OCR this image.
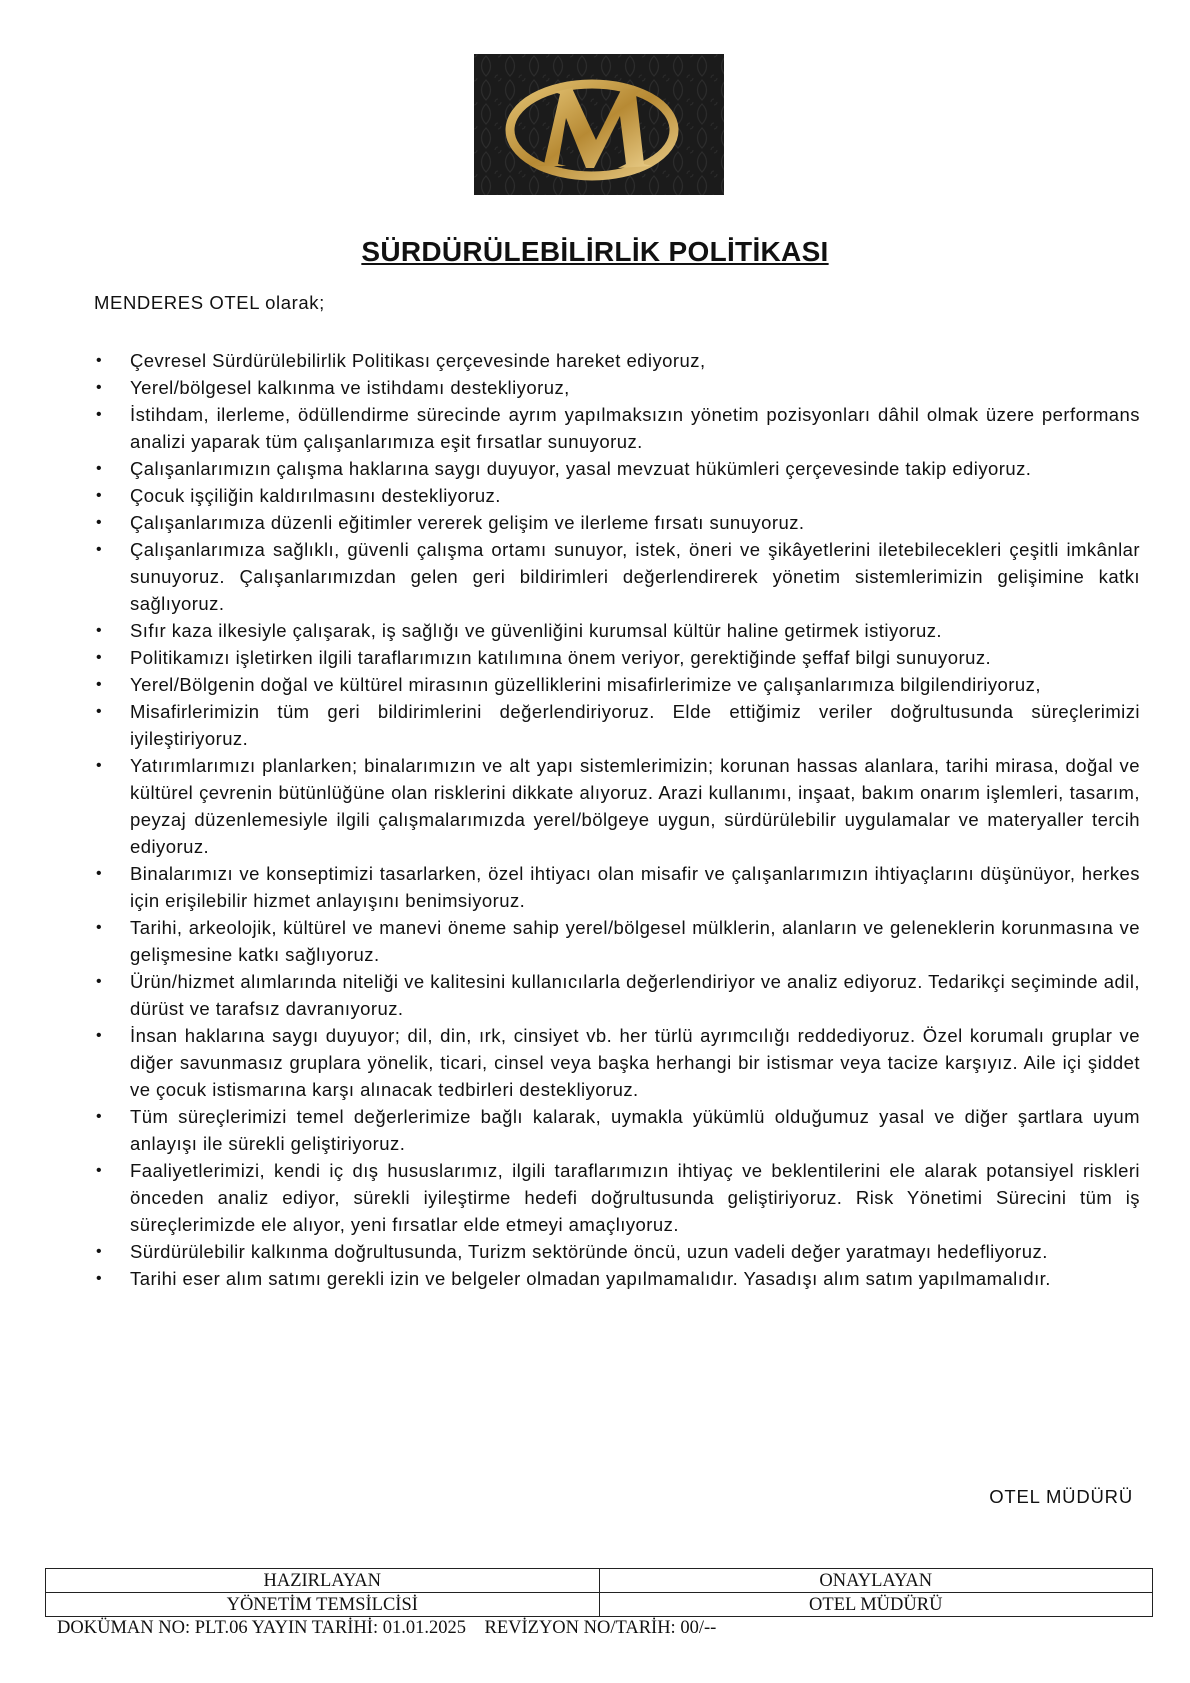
SÜRDÜRÜLEBİLİRLİK POLİTİKASI
MENDERES OTEL olarak;
• Çevresel Sürdürülebilirlik Politikası çerçevesinde hareket ediyoruz,
• Yerel/bölgesel kalkınma ve istihdamı destekliyoruz,
• İstihdam, ilerleme, ödüllendirme sürecinde ayrım yapılmaksızın yönetim pozisyonları dâhil olmak üzere performans analizi yaparak tüm çalışanlarımıza eşit fırsatlar sunuyoruz.
• Çalışanlarımızın çalışma haklarına saygı duyuyor, yasal mevzuat hükümleri çerçevesinde takip ediyoruz.
• Çocuk işçiliğin kaldırılmasını destekliyoruz.
• Çalışanlarımıza düzenli eğitimler vererek gelişim ve ilerleme fırsatı sunuyoruz.
• Çalışanlarımıza sağlıklı, güvenli çalışma ortamı sunuyor, istek, öneri ve şikâyetlerini iletebilecekleri çeşitli imkânlar sunuyoruz. Çalışanlarımızdan gelen geri bildirimleri değerlendirerek yönetim sistemlerimizin gelişimine katkı sağlıyoruz.
• Sıfır kaza ilkesiyle çalışarak, iş sağlığı ve güvenliğini kurumsal kültür haline getirmek istiyoruz.
• Politikamızı işletirken ilgili taraflarımızın katılımına önem veriyor, gerektiğinde şeffaf bilgi sunuyoruz.
• Yerel/Bölgenin doğal ve kültürel mirasının güzelliklerini misafirlerimize ve çalışanlarımıza bilgilendiriyoruz,
• Misafirlerimizin tüm geri bildirimlerini değerlendiriyoruz. Elde ettiğimiz veriler doğrultusunda süreçlerimizi iyileştiriyoruz.
• Yatırımlarımızı planlarken; binalarımızın ve alt yapı sistemlerimizin; korunan hassas alanlara, tarihi mirasa, doğal ve kültürel çevrenin bütünlüğüne olan risklerini dikkate alıyoruz. Arazi kullanımı, inşaat, bakım onarım işlemleri, tasarım, peyzaj düzenlemesiyle ilgili çalışmalarımızda yerel/bölgeye uygun, sürdürülebilir uygulamalar ve materyaller tercih ediyoruz.
• Binalarımızı ve konseptimizi tasarlarken, özel ihtiyacı olan misafir ve çalışanlarımızın ihtiyaçlarını düşünüyor, herkes için erişilebilir hizmet anlayışını benimsiyoruz.
• Tarihi, arkeolojik, kültürel ve manevi öneme sahip yerel/bölgesel mülklerin, alanların ve geleneklerin korunmasına ve gelişmesine katkı sağlıyoruz.
• Ürün/hizmet alımlarında niteliği ve kalitesini kullanıcılarla değerlendiriyor ve analiz ediyoruz. Tedarikçi seçiminde adil, dürüst ve tarafsız davranıyoruz.
• İnsan haklarına saygı duyuyor; dil, din, ırk, cinsiyet vb. her türlü ayrımcılığı reddediyoruz. Özel korumalı gruplar ve diğer savunmasız gruplara yönelik, ticari, cinsel veya başka herhangi bir istismar veya tacize karşıyız. Aile içi şiddet ve çocuk istismarına karşı alınacak tedbirleri destekliyoruz.
• Tüm süreçlerimizi temel değerlerimize bağlı kalarak, uymakla yükümlü olduğumuz yasal ve diğer şartlara uyum anlayışı ile sürekli geliştiriyoruz.
• Faaliyetlerimizi, kendi iç dış hususlarımız, ilgili taraflarımızın ihtiyaç ve beklentilerini ele alarak potansiyel riskleri önceden analiz ediyor, sürekli iyileştirme hedefi doğrultusunda geliştiriyoruz. Risk Yönetimi Sürecini tüm iş süreçlerimizde ele alıyor, yeni fırsatlar elde etmeyi amaçlıyoruz.
• Sürdürülebilir kalkınma doğrultusunda, Turizm sektöründe öncü, uzun vadeli değer yaratmayı hedefliyoruz.
• Tarihi eser alım satımı gerekli izin ve belgeler olmadan yapılmamalıdır. Yasadışı alım satım yapılmamalıdır.
OTEL MÜDÜRÜ
HAZIRLAYAN	ONAYLAYAN
YÖNETİM TEMSİLCİSİ	OTEL MÜDÜRÜ
DOKÜMAN NO: PLT.06 YAYIN TARİHİ: 01.01.2025 REVİZYON NO/TARİH: 00/--
